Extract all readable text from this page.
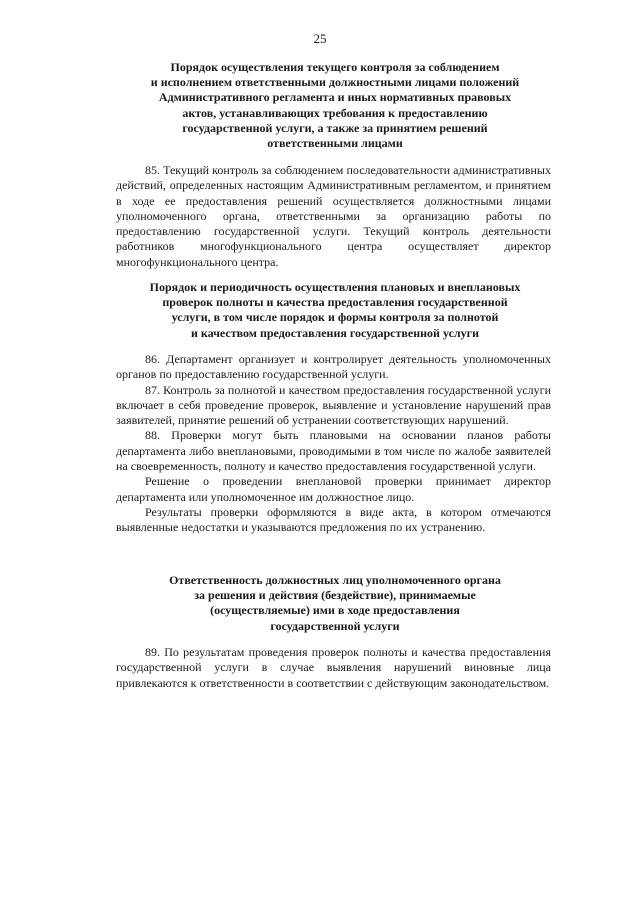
25
Порядок осуществления текущего контроля за соблюдением
и исполнением ответственными должностными лицами положений
Административного регламента и иных нормативных правовых
актов, устанавливающих требования к предоставлению
государственной услуги, а также за принятием решений
ответственными лицами

85. Текущий контроль за соблюдением последовательности административных действий, определенных настоящим Административным регламентом, и принятием в ходе ее предоставления решений осуществляется должностными лицами уполномоченного органа, ответственными за организацию работы по предоставлению государственной услуги. Текущий контроль деятельности работников многофункционального центра осуществляет директор многофункционального центра.

Порядок и периодичность осуществления плановых и внеплановых
проверок полноты и качества предоставления государственной
услуги, в том числе порядок и формы контроля за полнотой
и качеством предоставления государственной услуги

86. Департамент организует и контролирует деятельность уполномоченных органов по предоставлению государственной услуги.

87. Контроль за полнотой и качеством предоставления государственной услуги включает в себя проведение проверок, выявление и установление нарушений прав заявителей, принятие решений об устранении соответствующих нарушений.

88. Проверки могут быть плановыми на основании планов работы департамента либо внеплановыми, проводимыми в том числе по жалобе заявителей на своевременность, полноту и качество предоставления государственной услуги.

Решение о проведении внеплановой проверки принимает директор департамента или уполномоченное им должностное лицо.

Результаты проверки оформляются в виде акта, в котором отмечаются выявленные недостатки и указываются предложения по их устранению.

Ответственность должностных лиц уполномоченного органа
за решения и действия (бездействие), принимаемые
(осуществляемые) ими в ходе предоставления
государственной услуги

89. По результатам проведения проверок полноты и качества предоставления государственной услуги в случае выявления нарушений виновные лица привлекаются к ответственности в соответствии с действующим законодательством.
